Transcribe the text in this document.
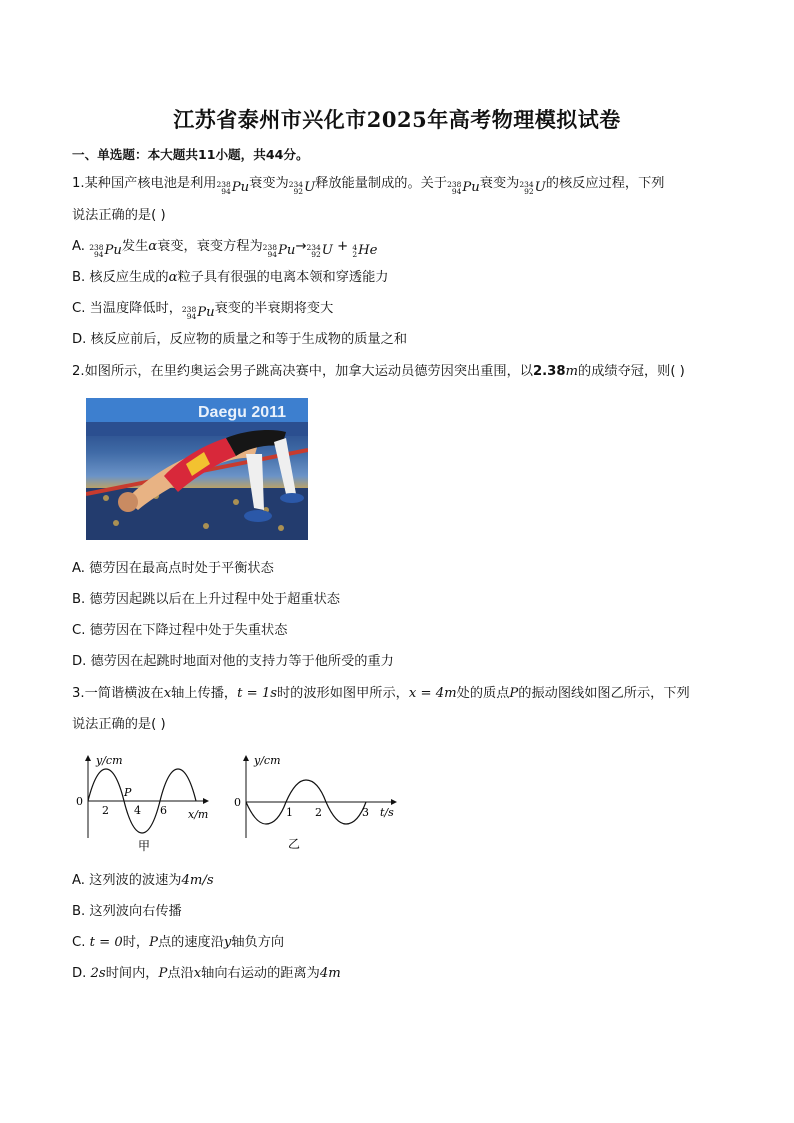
江苏省泰州市兴化市2025年高考物理模拟试卷
一、单选题：本大题共11小题，共44分。
1.某种国产核电池是利用 238
94 Pu 衰变为 234
92 U 释放能量制成的。关于 238
94 Pu 衰变为 234
92 U 的核反应过程，下列
说法正确的是( )
A. 238
94 Pu 发生α衰变，衰变方程为 238
94 Pu → 234
92 U + 4
2 He
B. 核反应生成的α粒子具有很强的电离本领和穿透能力
C. 当温度降低时， 238
94 Pu 衰变的半衰期将变大
D. 核反应前后，反应物的质量之和等于生成物的质量之和
2.如图所示，在里约奥运会男子跳高决赛中，加拿大运动员德劳因突出重围，以2.38m的成绩夺冠，则( )
Daegu 2011
A. 德劳因在最高点时处于平衡状态
B. 德劳因起跳以后在上升过程中处于超重状态
C. 德劳因在下降过程中处于失重状态
D. 德劳因在起跳时地面对他的支持力等于他所受的重力
3.一简谐横波在x轴上传播，t = 1s时的波形如图甲所示，x = 4m处的质点P的振动图线如图乙所示，下列
说法正确的是( )
y/cm
0
2 4 6
P
x/m
甲
y/cm
0
1 2	3 t/s
乙
A. 这列波的波速为4m/s
B. 这列波向右传播
C. t = 0时，P点的速度沿y轴负方向
D. 2s时间内，P点沿x轴向右运动的距离为4m
